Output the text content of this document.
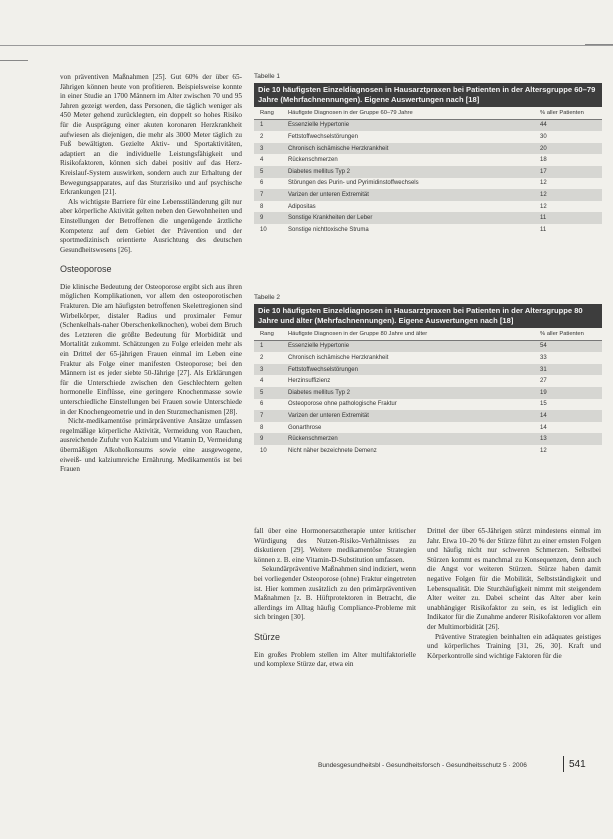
von präventiven Maßnahmen [25]. Gut 60% der über 65-Jährigen können heute von profitieren. Beispielsweise konnte in einer Studie an 1700 Männern im Alter zwischen 70 und 95 Jahren gezeigt werden, dass Personen, die täglich weniger als 450 Meter gehend zurücklegten, ein doppelt so hohes Risiko für die Ausprägung einer akuten koronaren Herzkrankheit aufwiesen als diejenigen, die mehr als 3000 Meter täglich zu Fuß bewältigten. Gezielte Aktiv- und Sportaktivitäten, adaptiert an die individuelle Leistungsfähigkeit und Risikofaktoren, können sich dabei positiv auf das Herz-Kreislauf-System auswirken, sondern auch zur Erhaltung der Bewegungsapparates, auf das Sturzrisiko und auf psychische Erkrankungen [21].

Als wichtigste Barriere für eine Lebensstiländerung gilt nur aber körperliche Aktivität gelten neben den Gewohnheiten und Einstellungen der Betroffenen die ungenügende ärztliche Kompetenz auf dem Gebiet der Prävention und der sportmedizinisch orientierte Ausrichtung des deutschen Gesundheitswesens [26].

Osteoporose

Die klinische Bedeutung der Osteoporose ergibt sich aus ihren möglichen Komplikationen, vor allem den osteoporotischen Frakturen. Die am häufigsten betroffenen Skelettregionen sind Wirbelkörper, distaler Radius und proximaler Femur (Schenkelhals-naher Oberschenkelknochen), wobei dem Bruch des Letzteren die größte Bedeutung für Morbidität und Mortalität zukommt. Schätzungen zu Folge erleiden mehr als ein Drittel der 65-jährigen Frauen einmal im Leben eine Fraktur als Folge einer manifesten Osteoporose; bei den Männern ist es jeder siebte 50-Jährige [27]. Als Erklärungen für die Unterschiede zwischen den Geschlechtern gelten hormonelle Einflüsse, eine geringere Knochenmasse sowie unterschiedliche Einstellungen bei Frauen sowie Unterschiede in der Knochengeometrie und in den Sturzmechanismen [28].

Nicht-medikamentöse primärpräventive Ansätze umfassen regelmäßige körperliche Aktivität, Vermeidung von Rauchen, ausreichende Zufuhr von Kalzium und Vitamin D, Vermeidung übermäßigen Alkoholkonsums sowie eine ausgewogene, eiweiß- und kalziumreiche Ernährung. Medikamentös ist bei Frauen

Tabelle 1
Die 10 häufigsten Einzeldiagnosen in Hausarztpraxen bei Patienten in der Altersgruppe 60–79 Jahre (Mehrfachnennungen). Eigene Auswertungen nach [18]
Rang	Häufigste Diagnosen in der Gruppe 60–79 Jahre	% aller Patienten
1	Essenzielle Hypertonie	44
2	Fettstoffwechselstörungen	30
3	Chronisch ischämische Herzkrankheit	20
4	Rückenschmerzen	18
5	Diabetes mellitus Typ 2	17
6	Störungen des Purin- und Pyrimidinstoffwechsels	12
7	Varizen der unteren Extremität	12
8	Adipositas	12
9	Sonstige Krankheiten der Leber	11
10	Sonstige nichttoxische Struma	11
Tabelle 2
Die 10 häufigsten Einzeldiagnosen in Hausarztpraxen bei Patienten in der Altersgruppe 80 Jahre und älter (Mehrfachnennungen). Eigene Auswertungen nach [18]
Rang	Häufigste Diagnosen in der Gruppe 80 Jahre und älter	% aller Patienten
1	Essenzielle Hypertonie	54
2	Chronisch ischämische Herzkrankheit	33
3	Fettstoffwechselstörungen	31
4	Herzinsuffizienz	27
5	Diabetes mellitus Typ 2	19
6	Osteoporose ohne pathologische Fraktur	15
7	Varizen der unteren Extremität	14
8	Gonarthrose	14
9	Rückenschmerzen	13
10	Nicht näher bezeichnete Demenz	12

fall über eine Hormonersatztherapie unter kritischer Würdigung des Nutzen-Risiko-Verhältnisses zu diskutieren [29]. Weitere medikamentöse Strategien können z. B. eine Vitamin-D-Substitution umfassen.

Sekundärpräventive Maßnahmen sind indiziert, wenn bei vorliegender Osteoporose (ohne) Fraktur eingetreten ist. Hier kommen zusätzlich zu den primärpräventiven Maßnahmen [z. B. Hüftprotektoren in Betracht, die allerdings im Alltag häufig Compliance-Probleme mit sich bringen [30].

Stürze

Ein großes Problem stellen im Alter multifaktorielle und komplexe Stürze dar, etwa ein

Drittel der über 65-Jährigen stürzt mindestens einmal im Jahr. Etwa 10–20 % der Stürze führt zu einer ernsten Folgen und häufig nicht nur schweren Schmerzen. Selbstbei Stürzen kommt es manchmal zu Konsequenzen, denn auch die Angst vor weiteren Stürzen. Stürze haben damit negative Folgen für die Mobilität, Selbstständigkeit und Lebensqualität. Die Sturzhäufigkeit nimmt mit steigendem Alter weiter zu. Dabei scheint das Alter aber kein unabhängiger Risikofaktor zu sein, es ist lediglich ein Indikator für die Zunahme anderer Risikofaktoren vor allem der Multimorbidität [26].

Präventive Strategien beinhalten ein adäquates geistiges und körperliches Training [31, 26, 30]. Kraft und Körperkontrolle sind wichtige Faktoren für die

Bundesgesundheitsbl - Gesundheitsforsch - Gesundheitsschutz 5 · 2006	541
